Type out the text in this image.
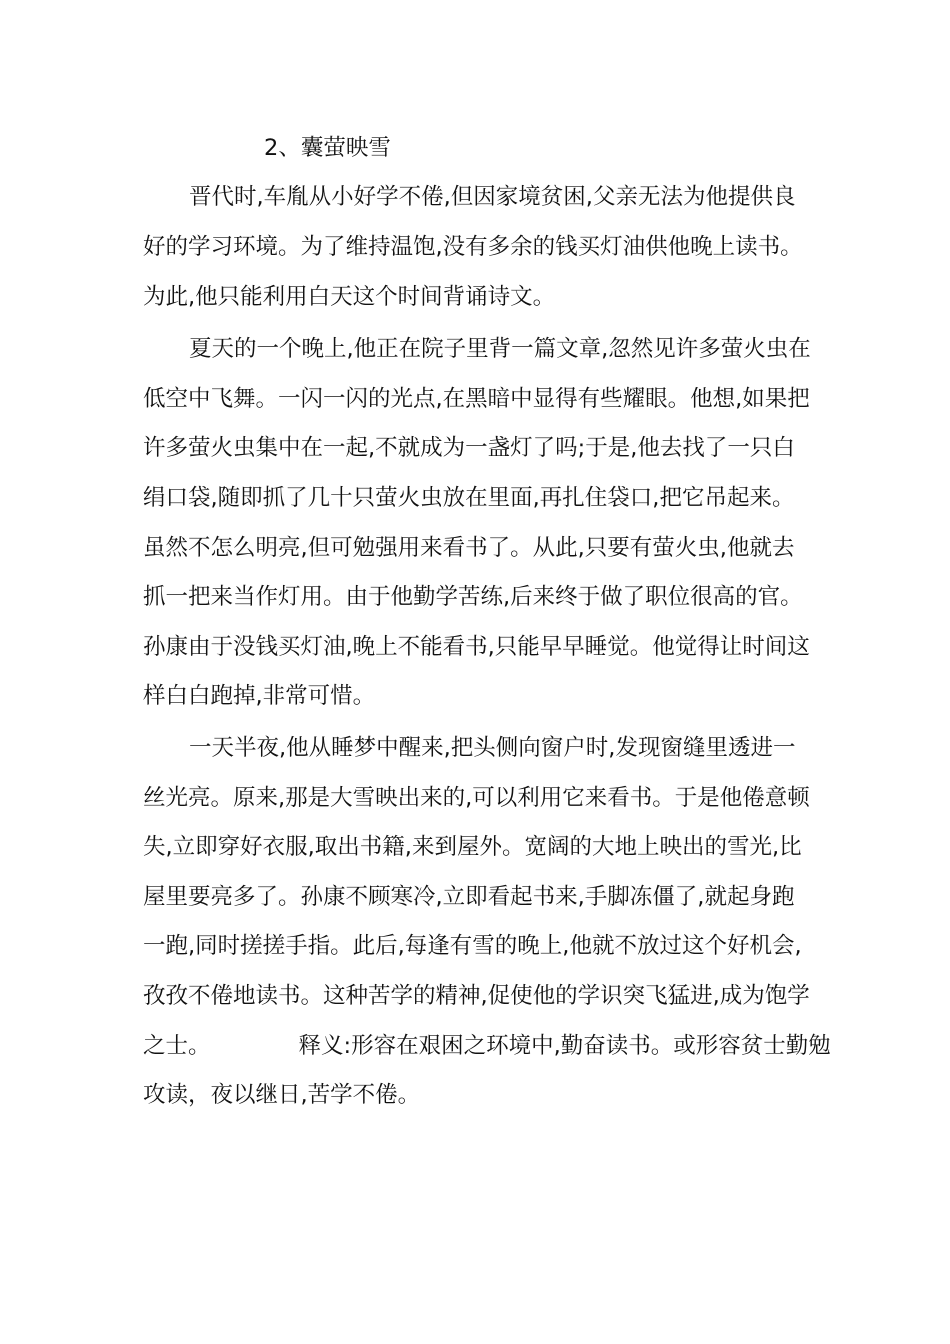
2、囊萤映雪

晋代时,车胤从小好学不倦,但因家境贫困,父亲无法为他提供良

好的学习环境。为了维持温饱,没有多余的钱买灯油供他晚上读书。

为此,他只能利用白天这个时间背诵诗文。

夏天的一个晚上,他正在院子里背一篇文章,忽然见许多萤火虫在

低空中飞舞。一闪一闪的光点,在黑暗中显得有些耀眼。他想,如果把

许多萤火虫集中在一起,不就成为一盏灯了吗;于是,他去找了一只白

绢口袋,随即抓了几十只萤火虫放在里面,再扎住袋口,把它吊起来。

虽然不怎么明亮,但可勉强用来看书了。从此,只要有萤火虫,他就去

抓一把来当作灯用。由于他勤学苦练,后来终于做了职位很高的官。

孙康由于没钱买灯油,晚上不能看书,只能早早睡觉。他觉得让时间这

样白白跑掉,非常可惜。

一天半夜,他从睡梦中醒来,把头侧向窗户时,发现窗缝里透进一

丝光亮。原来,那是大雪映出来的,可以利用它来看书。于是他倦意顿

失,立即穿好衣服,取出书籍,来到屋外。宽阔的大地上映出的雪光,比

屋里要亮多了。孙康不顾寒冷,立即看起书来,手脚冻僵了,就起身跑

一跑,同时搓搓手指。此后,每逢有雪的晚上,他就不放过这个好机会,

孜孜不倦地读书。这种苦学的精神,促使他的学识突飞猛进,成为饱学

之士。	释义:形容在艰困之环境中,勤奋读书。或形容贫士勤勉

攻读，夜以继日,苦学不倦。
